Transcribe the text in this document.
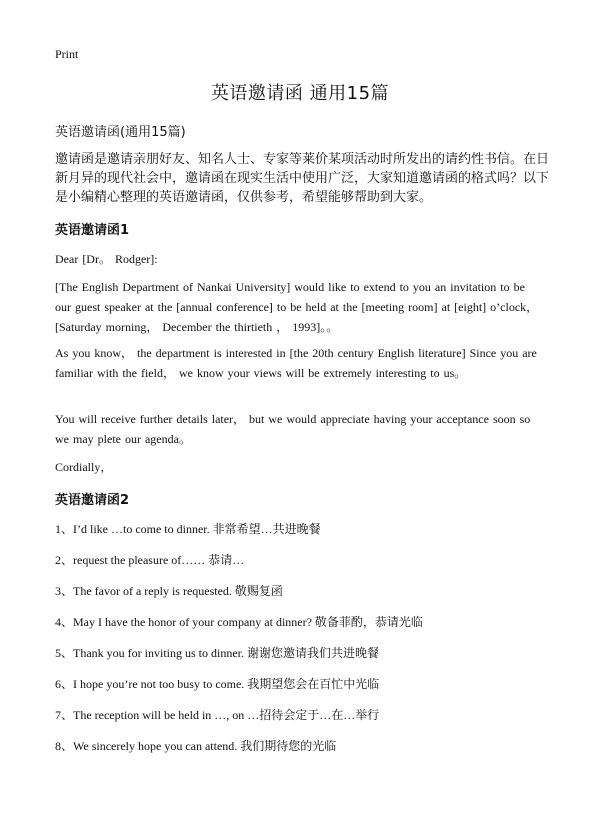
Print
英语邀请函 通用15篇
英语邀请函(通用15篇)

邀请函是邀请亲朋好友、知名人士、专家等莱价某项活动时所发出的请约性书信。在日新月异的现代社会中，邀请函在现实生活中使用广泛，大家知道邀请函的格式吗？以下是小编精心整理的英语邀请函，仅供参考，希望能够帮助到大家。

英语邀请函1

Dear [Dr。 Rodger]:

[The English Department of Nankai University] would like to extend to you an invitation to be our guest speaker at the [annual conference] to be held at the [meeting room] at [eight] o’clock， [Saturday morning， December the thirtieth ， 1993]。。

As you know， the department is interested in [the 20th century English literature] Since you are familiar with the field， we know your views will be extremely interesting to us。

You will receive further details later， but we would appreciate having your acceptance soon so we may plete our agenda。

Cordially，

英语邀请函2

1、I’d like …to come to dinner. 非常希望…共进晚餐

2、request the pleasure of…… 恭请…

3、The favor of a reply is requested. 敬赐复函

4、May I have the honor of your company at dinner? 敬备菲酌，恭请光临

5、Thank you for inviting us to dinner. 谢谢您邀请我们共进晚餐

6、I hope you’re not too busy to come. 我期望您会在百忙中光临

7、The reception will be held in …, on …招待会定于…在…举行

8、We sincerely hope you can attend. 我们期待您的光临
